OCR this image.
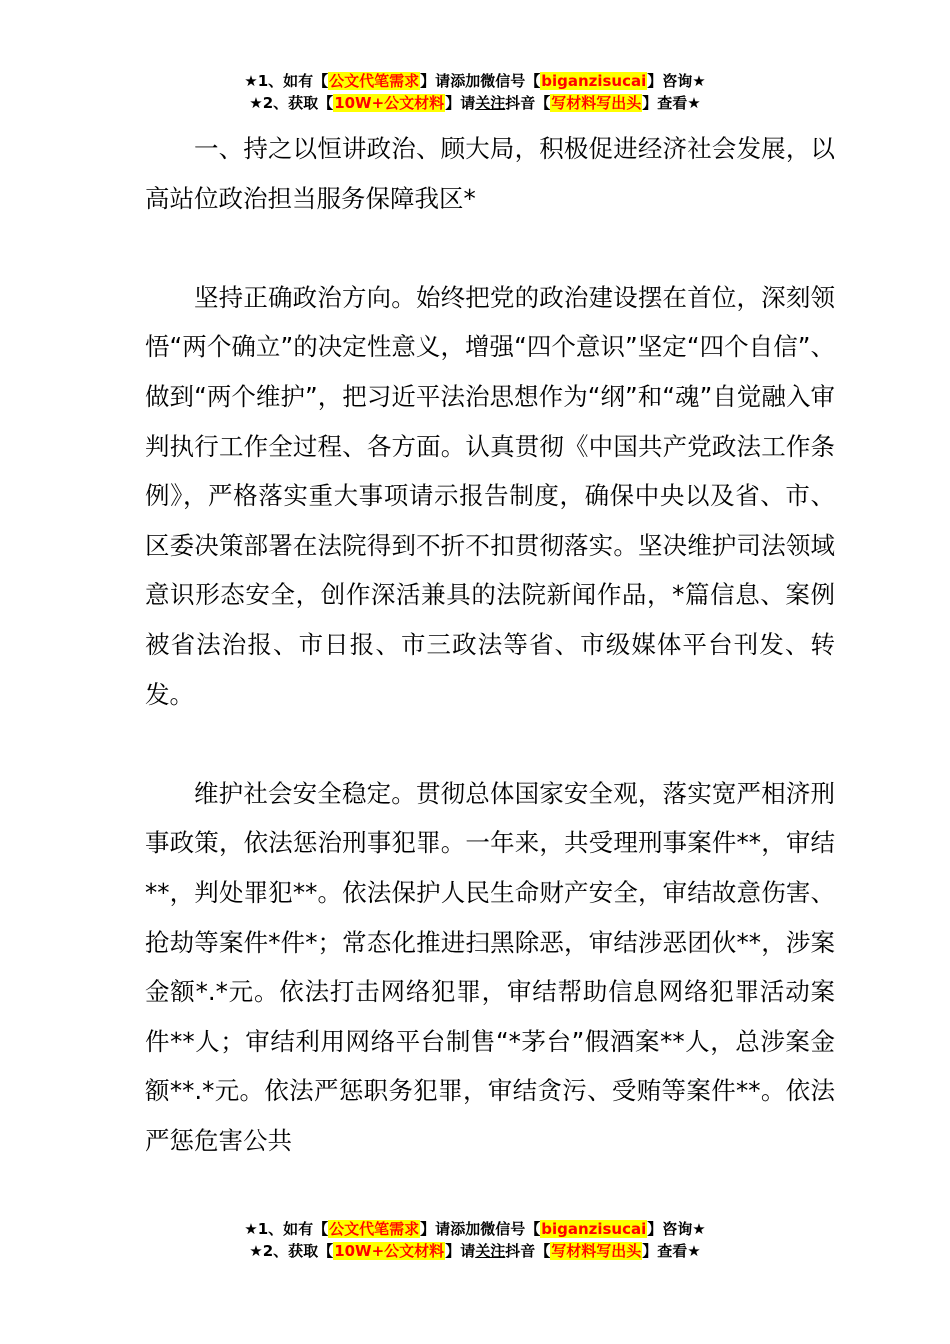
★1、如有【公文代笔需求】请添加微信号【biganzisucai】咨询★
★2、获取【10W+公文材料】请关注抖音【写材料写出头】查看★

一、持之以恒讲政治、顾大局，积极促进经济社会发展，以高站位政治担当服务保障我区*

坚持正确政治方向。始终把党的政治建设摆在首位，深刻领悟“两个确立”的决定性意义，增强“四个意识”坚定“四个自信”、做到“两个维护”，把习近平法治思想作为“纲”和“魂”自觉融入审判执行工作全过程、各方面。认真贯彻《中国共产党政法工作条例》，严格落实重大事项请示报告制度，确保中央以及省、市、区委决策部署在法院得到不折不扣贯彻落实。坚决维护司法领域意识形态安全，创作深活兼具的法院新闻作品，*篇信息、案例被省法治报、市日报、市三政法等省、市级媒体平台刊发、转发。

维护社会安全稳定。贯彻总体国家安全观，落实宽严相济刑事政策，依法惩治刑事犯罪。一年来，共受理刑事案件**，审结**，判处罪犯**。依法保护人民生命财产安全，审结故意伤害、抢劫等案件*件*；常态化推进扫黑除恶，审结涉恶团伙**，涉案金额*.*元。依法打击网络犯罪，审结帮助信息网络犯罪活动案件**人；审结利用网络平台制售“*茅台”假酒案**人，总涉案金额**.*元。依法严惩职务犯罪，审结贪污、受贿等案件**。依法严惩危害公共

★1、如有【公文代笔需求】请添加微信号【biganzisucai】咨询★
★2、获取【10W+公文材料】请关注抖音【写材料写出头】查看★
